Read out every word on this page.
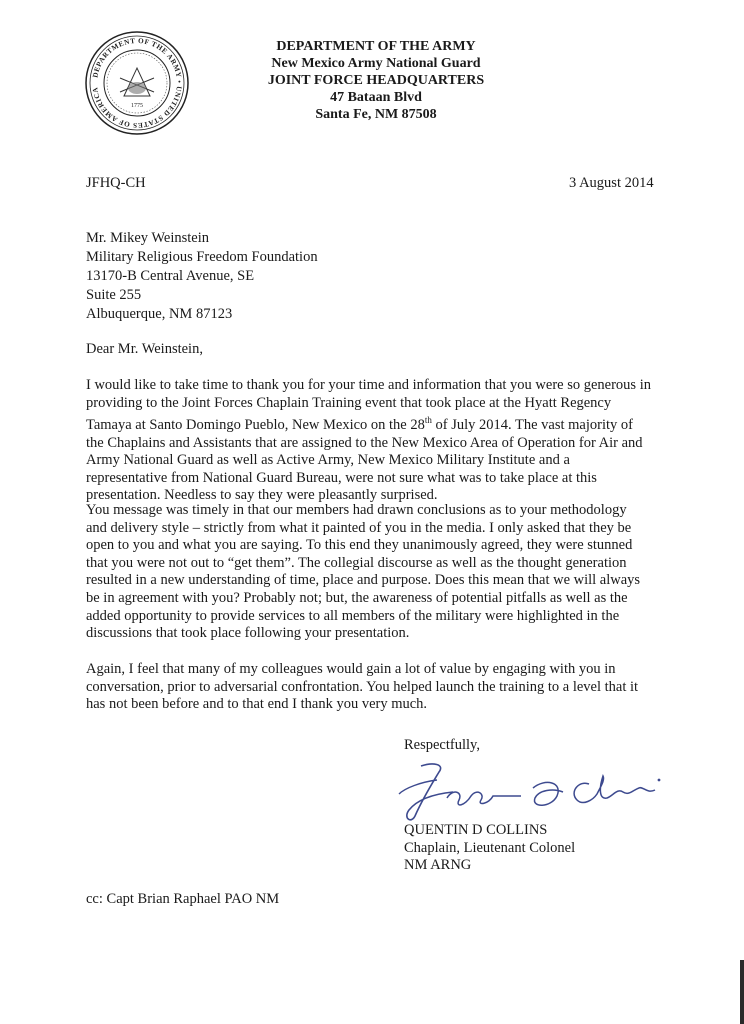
DEPARTMENT OF THE ARMY • UNITED STATES OF AMERICA
1775
DEPARTMENT OF THE ARMY
New Mexico Army National Guard
JOINT FORCE HEADQUARTERS
47 Bataan Blvd
Santa Fe, NM 87508
JFHQ-CH	3 August 2014
Mr. Mikey Weinstein
Military Religious Freedom Foundation
13170-B Central Avenue, SE
Suite 255
Albuquerque, NM 87123
Dear Mr. Weinstein,
I would like to take time to thank you for your time and information that you were so generous in
providing to the Joint Forces Chaplain Training event that took place at the Hyatt Regency
Tamaya at Santo Domingo Pueblo, New Mexico on the 28th of July 2014. The vast majority of
the Chaplains and Assistants that are assigned to the New Mexico Area of Operation for Air and
Army National Guard as well as Active Army, New Mexico Military Institute and a
representative from National Guard Bureau, were not sure what was to take place at this
presentation. Needless to say they were pleasantly surprised.
You message was timely in that our members had drawn conclusions as to your methodology
and delivery style – strictly from what it painted of you in the media. I only asked that they be
open to you and what you are saying. To this end they unanimously agreed, they were stunned
that you were not out to “get them”. The collegial discourse as well as the thought generation
resulted in a new understanding of time, place and purpose. Does this mean that we will always
be in agreement with you? Probably not; but, the awareness of potential pitfalls as well as the
added opportunity to provide services to all members of the military were highlighted in the
discussions that took place following your presentation.
Again, I feel that many of my colleagues would gain a lot of value by engaging with you in
conversation, prior to adversarial confrontation. You helped launch the training to a level that it
has not been before and to that end I thank you very much.
Respectfully,
QUENTIN D COLLINS
Chaplain, Lieutenant Colonel
NM ARNG
cc: Capt Brian Raphael PAO NM
